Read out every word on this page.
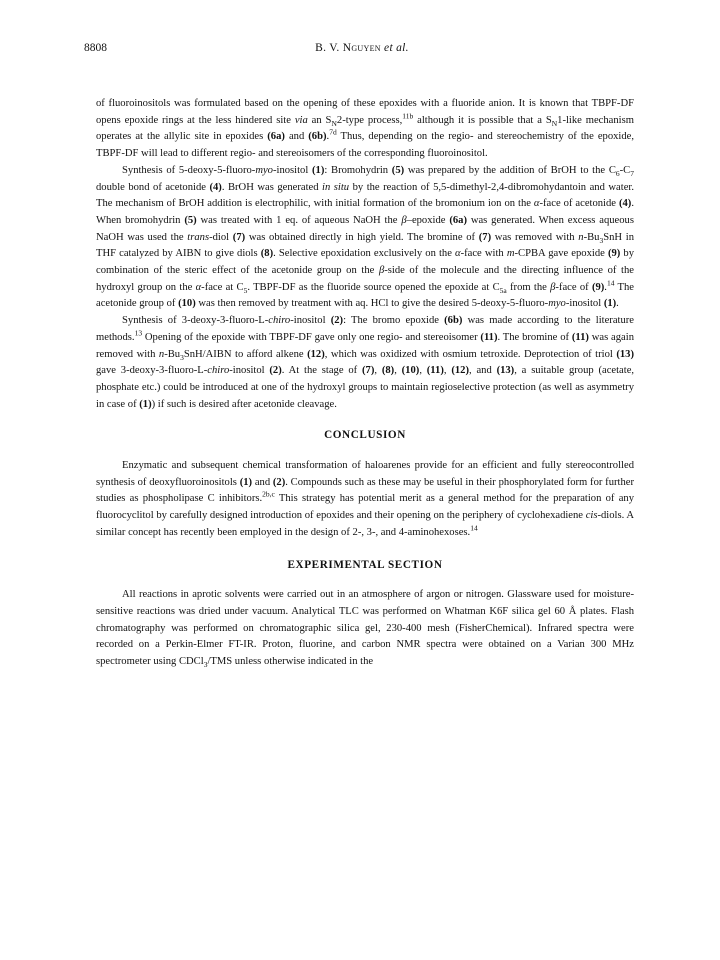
8808	B. V. Nguyen et al.

of fluoroinositols was formulated based on the opening of these epoxides with a fluoride anion. It is known that TBPF-DF opens epoxide rings at the less hindered site via an $S_N2$-type process,$^{11b}$ although it is possible that a $S_N1$-like mechanism operates at the allylic site in epoxides (6a) and (6b).$^{7d}$ Thus, depending on the regio- and stereochemistry of the epoxide, TBPF-DF will lead to different regio- and stereoisomers of the corresponding fluoroinositol.

Synthesis of 5-deoxy-5-fluoro-myo-inositol (1): Bromohydrin (5) was prepared by the addition of BrOH to the $C_6-C_7$ double bond of acetonide (4). BrOH was generated in situ by the reaction of 5,5-dimethyl-2,4-dibromohydantoin and water. The mechanism of BrOH addition is electrophilic, with initial formation of the bromonium ion on the α-face of acetonide (4). When bromohydrin (5) was treated with 1 eq. of aqueous NaOH the β–epoxide (6a) was generated. When excess aqueous NaOH was used the trans-diol (7) was obtained directly in high yield. The bromine of (7) was removed with $n-Bu_3SnH$ in THF catalyzed by AIBN to give diols (8). Selective epoxidation exclusively on the α-face with m-CPBA gave epoxide (9) by combination of the steric effect of the acetonide group on the β-side of the molecule and the directing influence of the hydroxyl group on the α-face at $C_5$. TBPF-DF as the fluoride source opened the epoxide at $C_{5a}$ from the β-face of (9).$^{14}$ The acetonide group of (10) was then removed by treatment with aq. HCl to give the desired 5-deoxy-5-fluoro-myo-inositol (1).

Synthesis of 3-deoxy-3-fluoro-L-chiro-inositol (2): The bromo epoxide (6b) was made according to the literature methods.$^{13}$ Opening of the epoxide with TBPF-DF gave only one regio- and stereoisomer (11). The bromine of (11) was again removed with $n-Bu_3SnH$/AIBN to afford alkene (12), which was oxidized with osmium tetroxide. Deprotection of triol (13) gave 3-deoxy-3-fluoro-L-chiro-inositol (2). At the stage of (7), (8), (10), (11), (12), and (13), a suitable group (acetate, phosphate etc.) could be introduced at one of the hydroxyl groups to maintain regioselective protection (as well as asymmetry in case of (1)) if such is desired after acetonide cleavage.

CONCLUSION

Enzymatic and subsequent chemical transformation of haloarenes provide for an efficient and fully stereocontrolled synthesis of deoxyfluoroinositols (1) and (2). Compounds such as these may be useful in their phosphorylated form for further studies as phospholipase C inhibitors.$^{2b,c}$ This strategy has potential merit as a general method for the preparation of any fluorocyclitol by carefully designed introduction of epoxides and their opening on the periphery of cyclohexadiene cis-diols. A similar concept has recently been employed in the design of 2-, 3-, and 4-aminohexoses.$^{14}$

EXPERIMENTAL SECTION

All reactions in aprotic solvents were carried out in an atmosphere of argon or nitrogen. Glassware used for moisture-sensitive reactions was dried under vacuum. Analytical TLC was performed on Whatman K6F silica gel 60 Å plates. Flash chromatography was performed on chromatographic silica gel, 230-400 mesh (FisherChemical). Infrared spectra were recorded on a Perkin-Elmer FT-IR. Proton, fluorine, and carbon NMR spectra were obtained on a Varian 300 MHz spectrometer using CDCl$_3$/TMS unless otherwise indicated in the
